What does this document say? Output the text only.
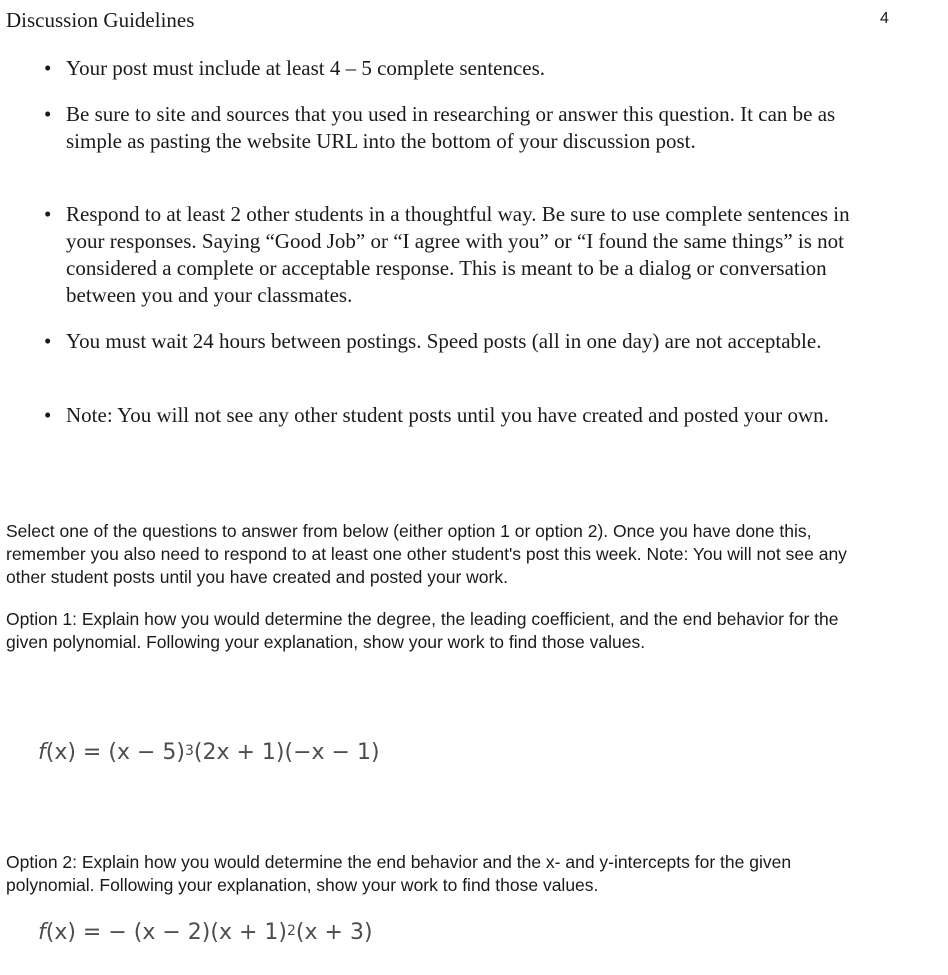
4
Discussion Guidelines
• Your post must include at least 4 – 5 complete sentences.
• Be sure to site and sources that you used in researching or answer this question. It can be as simple as pasting the website URL into the bottom of your discussion post.
• Respond to at least 2 other students in a thoughtful way. Be sure to use complete sentences in your responses. Saying “Good Job” or “I agree with you” or “I found the same things” is not considered a complete or acceptable response. This is meant to be a dialog or conversation between you and your classmates.
• You must wait 24 hours between postings. Speed posts (all in one day) are not acceptable.
• Note: You will not see any other student posts until you have created and posted your own.

Select one of the questions to answer from below (either option 1 or option 2). Once you have done this, remember you also need to respond to at least one other student's post this week. Note: You will not see any other student posts until you have created and posted your work.

Option 1: Explain how you would determine the degree, the leading coefficient, and the end behavior for the given polynomial. Following your explanation, show your work to find those values.

$f(x) = (x - 5)^3(2x + 1)(-x - 1)$

Option 2: Explain how you would determine the end behavior and the x- and y-intercepts for the given polynomial. Following your explanation, show your work to find those values.

f(x) = − $(x - 2)(x + 1)^2(x + 3)$
